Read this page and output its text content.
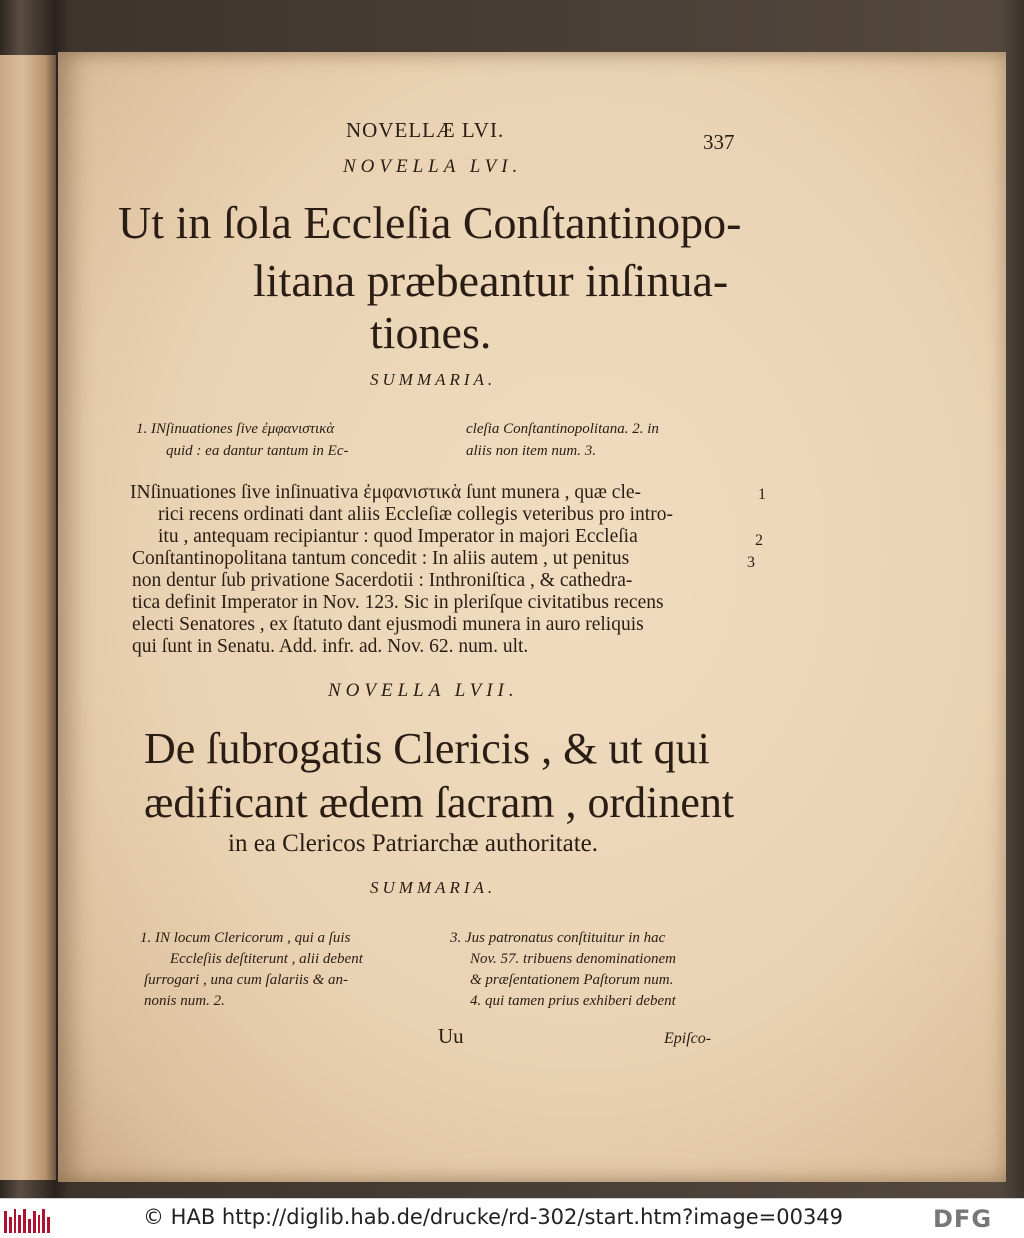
NOVELLÆ LVI.	337
NOVELLA LVI.
Ut in ſola Eccleſia Conſtantinopo-
litana præbeantur inſinua-
tiones.
SUMMARIA.
1. INſinuationes ſive ἐμφανιστικὰ
quid : ea dantur tantum in Ec-
cleſia Conſtantinopolitana. 2. in
aliis non item num. 3.
INſinuationes ſive inſinuativa ἐμφανιστικὰ ſunt munera , quæ cle-
rici recens ordinati dant aliis Eccleſiæ collegis veteribus pro intro-
itu , antequam recipiantur : quod Imperator in majori Eccleſia
Conſtantinopolitana tantum concedit : In aliis autem , ut penitus
non dentur ſub privatione Sacerdotii : Inthroniſtica , & cathedra-
tica definit Imperator in Nov. 123. Sic in pleriſque civitatibus recens
electi Senatores , ex ſtatuto dant ejusmodi munera in auro reliquis
qui ſunt in Senatu. Add. infr. ad. Nov. 62. num. ult.
1
2
3
NOVELLA LVII.
De ſubrogatis Clericis , & ut qui
ædificant ædem ſacram , ordinent
in ea Clericos Patriarchæ authoritate.
SUMMARIA.
1. IN locum Clericorum , qui a ſuis
Eccleſiis deſtiterunt , alii debent
ſurrogari , una cum ſalariis & an-
nonis num. 2.
3. Jus patronatus conſtituitur in hac
Nov. 57. tribuens denominationem
& præſentationem Paſtorum num.
4. qui tamen prius exhiberi debent
Uu	Epiſco-
© HAB http://diglib.hab.de/drucke/rd-302/start.htm?image=00349	DFG
